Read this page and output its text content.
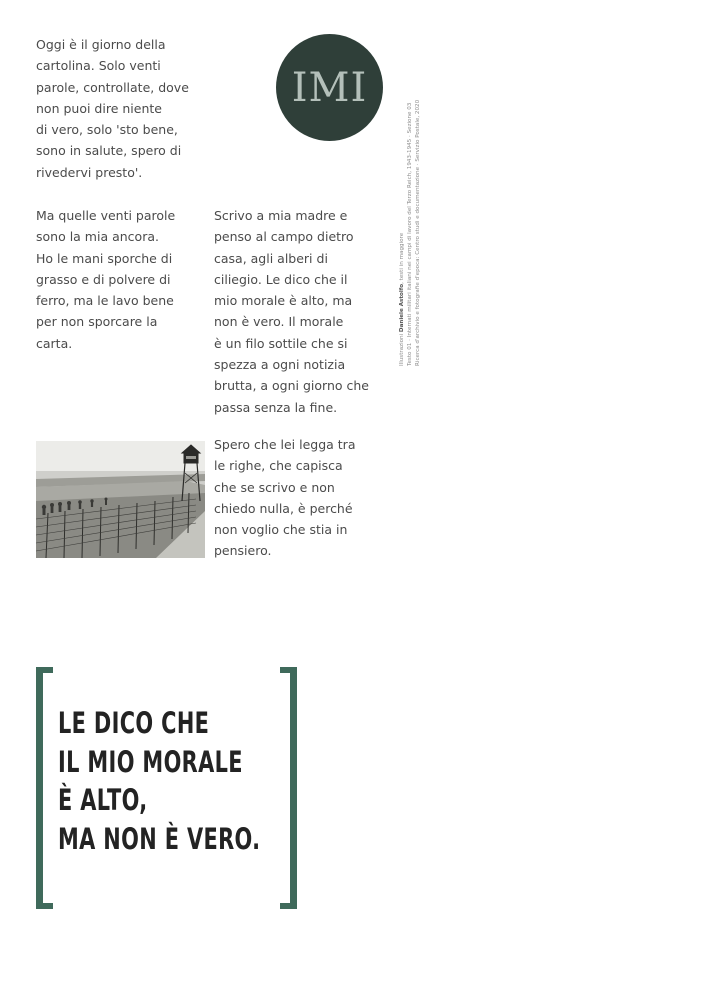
Oggi è il giorno della
cartolina. Solo venti
parole, controllate, dove
non puoi dire niente
di vero, solo 'sto bene,
sono in salute, spero di
rivedervi presto'.
IMI
Illustrazioni Daniele Astolfo, testi in maggiore Testo 01 · Internati militari italiani nei campi di lavoro del Terzo Reich, 1943-1945 · Sezione 03 Ricerca d'archivio e fotografie d'epoca: Centro studi e documentazione · Servizio Postale, 2020
Ma quelle venti parole
sono la mia ancora.
Ho le mani sporche di
grasso e di polvere di
ferro, ma le lavo bene
per non sporcare la
carta.
Scrivo a mia madre e
penso al campo dietro
casa, agli alberi di
ciliegio. Le dico che il
mio morale è alto, ma
non è vero. Il morale
è un filo sottile che si
spezza a ogni notizia
brutta, a ogni giorno che
passa senza la fine.
Spero che lei legga tra
le righe, che capisca
che se scrivo e non
chiedo nulla, è perché
non voglio che stia in
pensiero.
LE DICO CHE
IL MIO MORALE
È ALTO,
MA NON È VERO.
